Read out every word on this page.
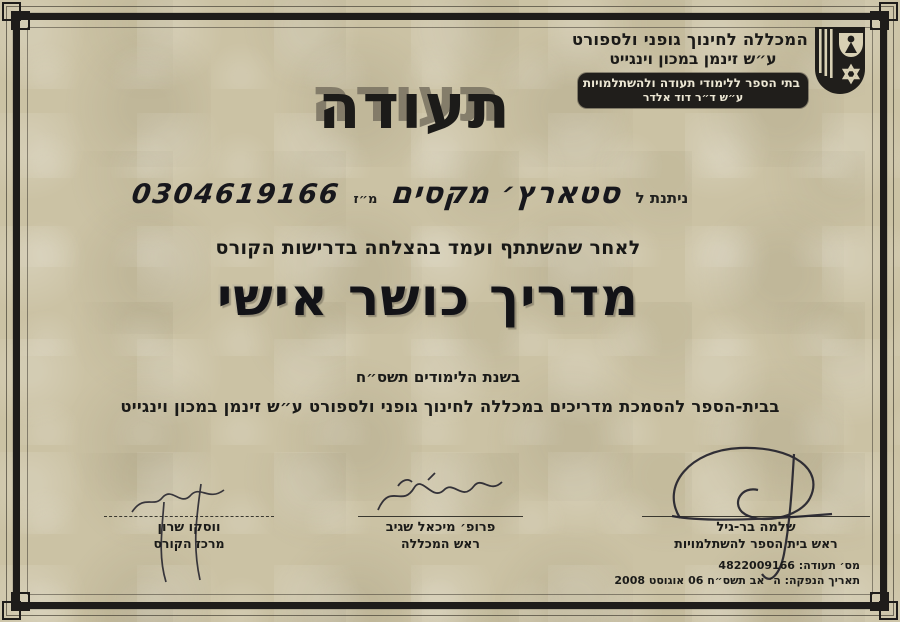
המכללה לחינוך גופני ולספורט
ע״ש זינמן במכון וינגייט
בתי הספר ללימודי תעודה ולהשתלמויות
ע״ש ד״ר דוד אלדר
תעודה
ניתנת ל
סטארץ׳ מקסים
מ״ז
0304619166
לאחר שהשתתף ועמד בהצלחה בדרישות הקורס
מדריך כושר אישי
בשנת הלימודים תשס״ח
בבית-הספר להסמכת מדריכים במכללה לחינוך גופני ולספורט ע״ש זינמן במכון וינגייט
ווסקו שרון
מרכז הקורס
פרופ׳ מיכאל שגיב
ראש המכללה
שלמה בר-גיל
ראש בית הספר להשתלמויות
מס׳ תעודה: 4822009166
תאריך הנפקה: ה׳ אב תשס״ח 06 אוגוסט 2008
